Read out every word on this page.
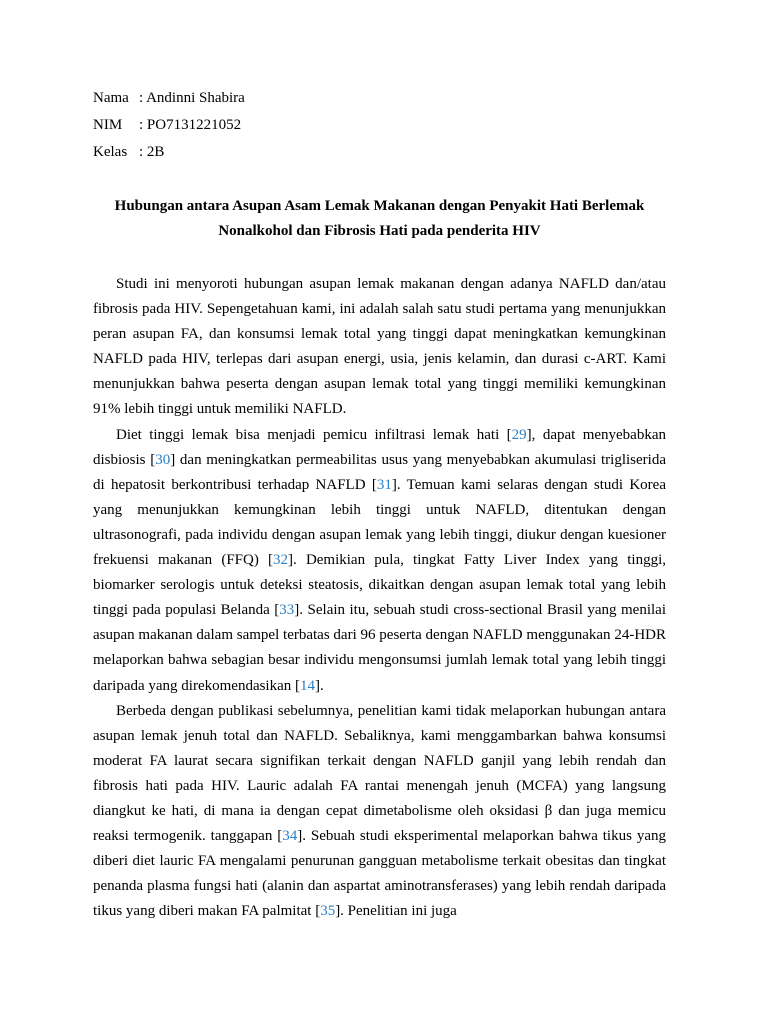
Nama	: Andinni Shabira
NIM	: PO7131221052
Kelas	: 2B
Hubungan antara Asupan Asam Lemak Makanan dengan Penyakit Hati Berlemak
Nonalkohol dan Fibrosis Hati pada penderita HIV

Studi ini menyoroti hubungan asupan lemak makanan dengan adanya NAFLD dan/atau fibrosis pada HIV. Sepengetahuan kami, ini adalah salah satu studi pertama yang menunjukkan peran asupan FA, dan konsumsi lemak total yang tinggi dapat meningkatkan kemungkinan NAFLD pada HIV, terlepas dari asupan energi, usia, jenis kelamin, dan durasi c-ART. Kami menunjukkan bahwa peserta dengan asupan lemak total yang tinggi memiliki kemungkinan 91% lebih tinggi untuk memiliki NAFLD.

Diet tinggi lemak bisa menjadi pemicu infiltrasi lemak hati [29], dapat menyebabkan disbiosis [30] dan meningkatkan permeabilitas usus yang menyebabkan akumulasi trigliserida di hepatosit berkontribusi terhadap NAFLD [31]. Temuan kami selaras dengan studi Korea yang menunjukkan kemungkinan lebih tinggi untuk NAFLD, ditentukan dengan ultrasonografi, pada individu dengan asupan lemak yang lebih tinggi, diukur dengan kuesioner frekuensi makanan (FFQ) [32]. Demikian pula, tingkat Fatty Liver Index yang tinggi, biomarker serologis untuk deteksi steatosis, dikaitkan dengan asupan lemak total yang lebih tinggi pada populasi Belanda [33]. Selain itu, sebuah studi cross-sectional Brasil yang menilai asupan makanan dalam sampel terbatas dari 96 peserta dengan NAFLD menggunakan 24-HDR melaporkan bahwa sebagian besar individu mengonsumsi jumlah lemak total yang lebih tinggi daripada yang direkomendasikan [14].

Berbeda dengan publikasi sebelumnya, penelitian kami tidak melaporkan hubungan antara asupan lemak jenuh total dan NAFLD. Sebaliknya, kami menggambarkan bahwa konsumsi moderat FA laurat secara signifikan terkait dengan NAFLD ganjil yang lebih rendah dan fibrosis hati pada HIV. Lauric adalah FA rantai menengah jenuh (MCFA) yang langsung diangkut ke hati, di mana ia dengan cepat dimetabolisme oleh oksidasi β dan juga memicu reaksi termogenik. tanggapan [34]. Sebuah studi eksperimental melaporkan bahwa tikus yang diberi diet lauric FA mengalami penurunan gangguan metabolisme terkait obesitas dan tingkat penanda plasma fungsi hati (alanin dan aspartat aminotransferases) yang lebih rendah daripada tikus yang diberi makan FA palmitat [35]. Penelitian ini juga
